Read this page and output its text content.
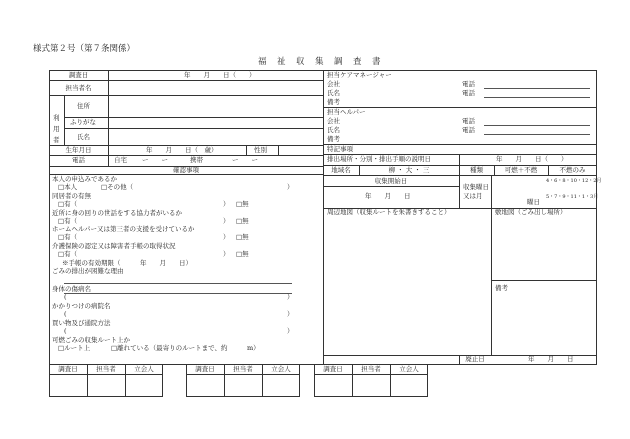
様式第２号（第７条関係）
福　祉　収　集　調　査　書
調査日	年　　月　　日（　　）
担当者名
利用者
住所
ふりがな
氏名
生年月日	年　　月　　日（　歳）	性別
電話	自宅 ー　　ー	携帯	ー　　ー
確認事項
本人の申込みであるか
□本人	□その他（	）
同居者の有無
□有（	） □無
近所に身の回りの世話をする協力者がいるか
□有（	） □無
ホームヘルパー又は第三者の支援を受けているか
□有（	） □無
介護保険の認定又は障害者手帳の取得状況
□有（	） □無
※手帳の有効期限（　　　年　　月　　日）
ごみの排出が困難な理由
身体の傷病名
(	）
かかりつけの病院名
(	）
買い物及び通院方法
(	）
可燃ごみの収集ルート上か
□ルート上	□離れている（最寄りのルートまで、約　　　m）
担当ケアマネージャー
会社	電話
氏名	電話
備考
担当ヘルパー
会社	電話
氏名	電話
備考
特記事項
排出場所・分別・排出手順の説明日	年　　月　　日（　　）
地域名	柳 ・ 大 ・ 三	種類	可燃＋不燃	不燃のみ
収集開始日
年　　月　　日
収集曜日
又は月
4・6・8・10・12・2月
5・7・9・11・1・3月
曜日
周辺地図（収集ルートを朱書きすること）	敷地図（ごみ出し場所）
備考
廃止日	年　　月　　日
調査日	担当者	立会人	調査日	担当者	立会人	調査日	担当者	立会人
